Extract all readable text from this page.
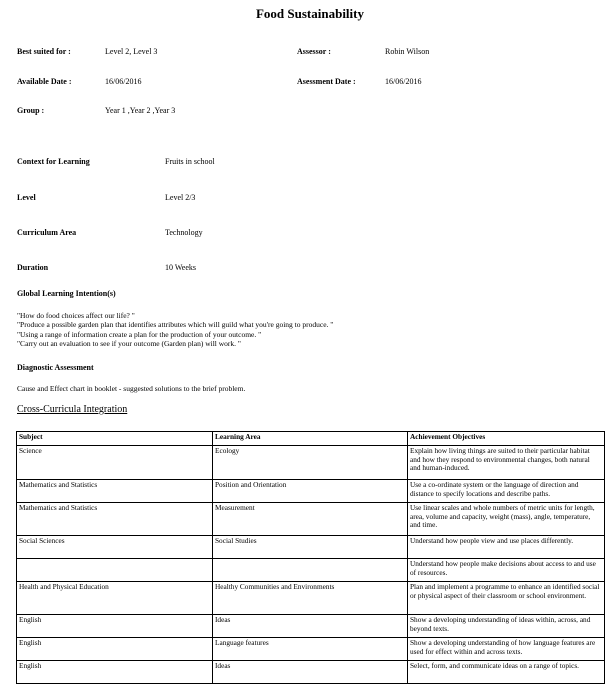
Food Sustainability
Best suited for :	Level 2, Level 3	Assessor :	Robin Wilson
Available Date :	16/06/2016	Asessment Date :	16/06/2016
Group :	Year 1 ,Year 2 ,Year 3
Context for Learning	Fruits in school
Level	Level 2/3
Curriculum Area	Technology
Duration	10 Weeks
Global Learning Intention(s)
"How do food choices affect our life? "
"Produce a possible garden plan that identifies attributes which will guild what you're going to produce. "
"Using a range of information create a plan for the production of your outcome. "
"Carry out an evaluation to see if your outcome (Garden plan) will work. "
Diagnostic Assessment
Cause and Effect chart in booklet - suggested solutions to the brief problem.
Cross-Curricula Integration
Subject	Learning Area	Achievement Objectives
Science	Ecology	Explain how living things are suited to their particular habitat and how they respond to environmental changes, both natural and human-induced.
Mathematics and Statistics	Position and Orientation	Use a co-ordinate system or the language of direction and distance to specify locations and describe paths.
Mathematics and Statistics	Measurement	Use linear scales and whole numbers of metric units for length, area, volume and capacity, weight (mass), angle, temperature, and time.
Social Sciences	Social Studies	Understand how people view and use places differently.
		Understand how people make decisions about access to and use of resources.
Health and Physical Education	Healthy Communities and Environments	Plan and implement a programme to enhance an identified social or physical aspect of their classroom or school environment.
English	Ideas	Show a developing understanding of ideas within, across, and beyond texts.
English	Language features	Show a developing understanding of how language features are used for effect within and across texts.
English	Ideas	Select, form, and communicate ideas on a range of topics.
